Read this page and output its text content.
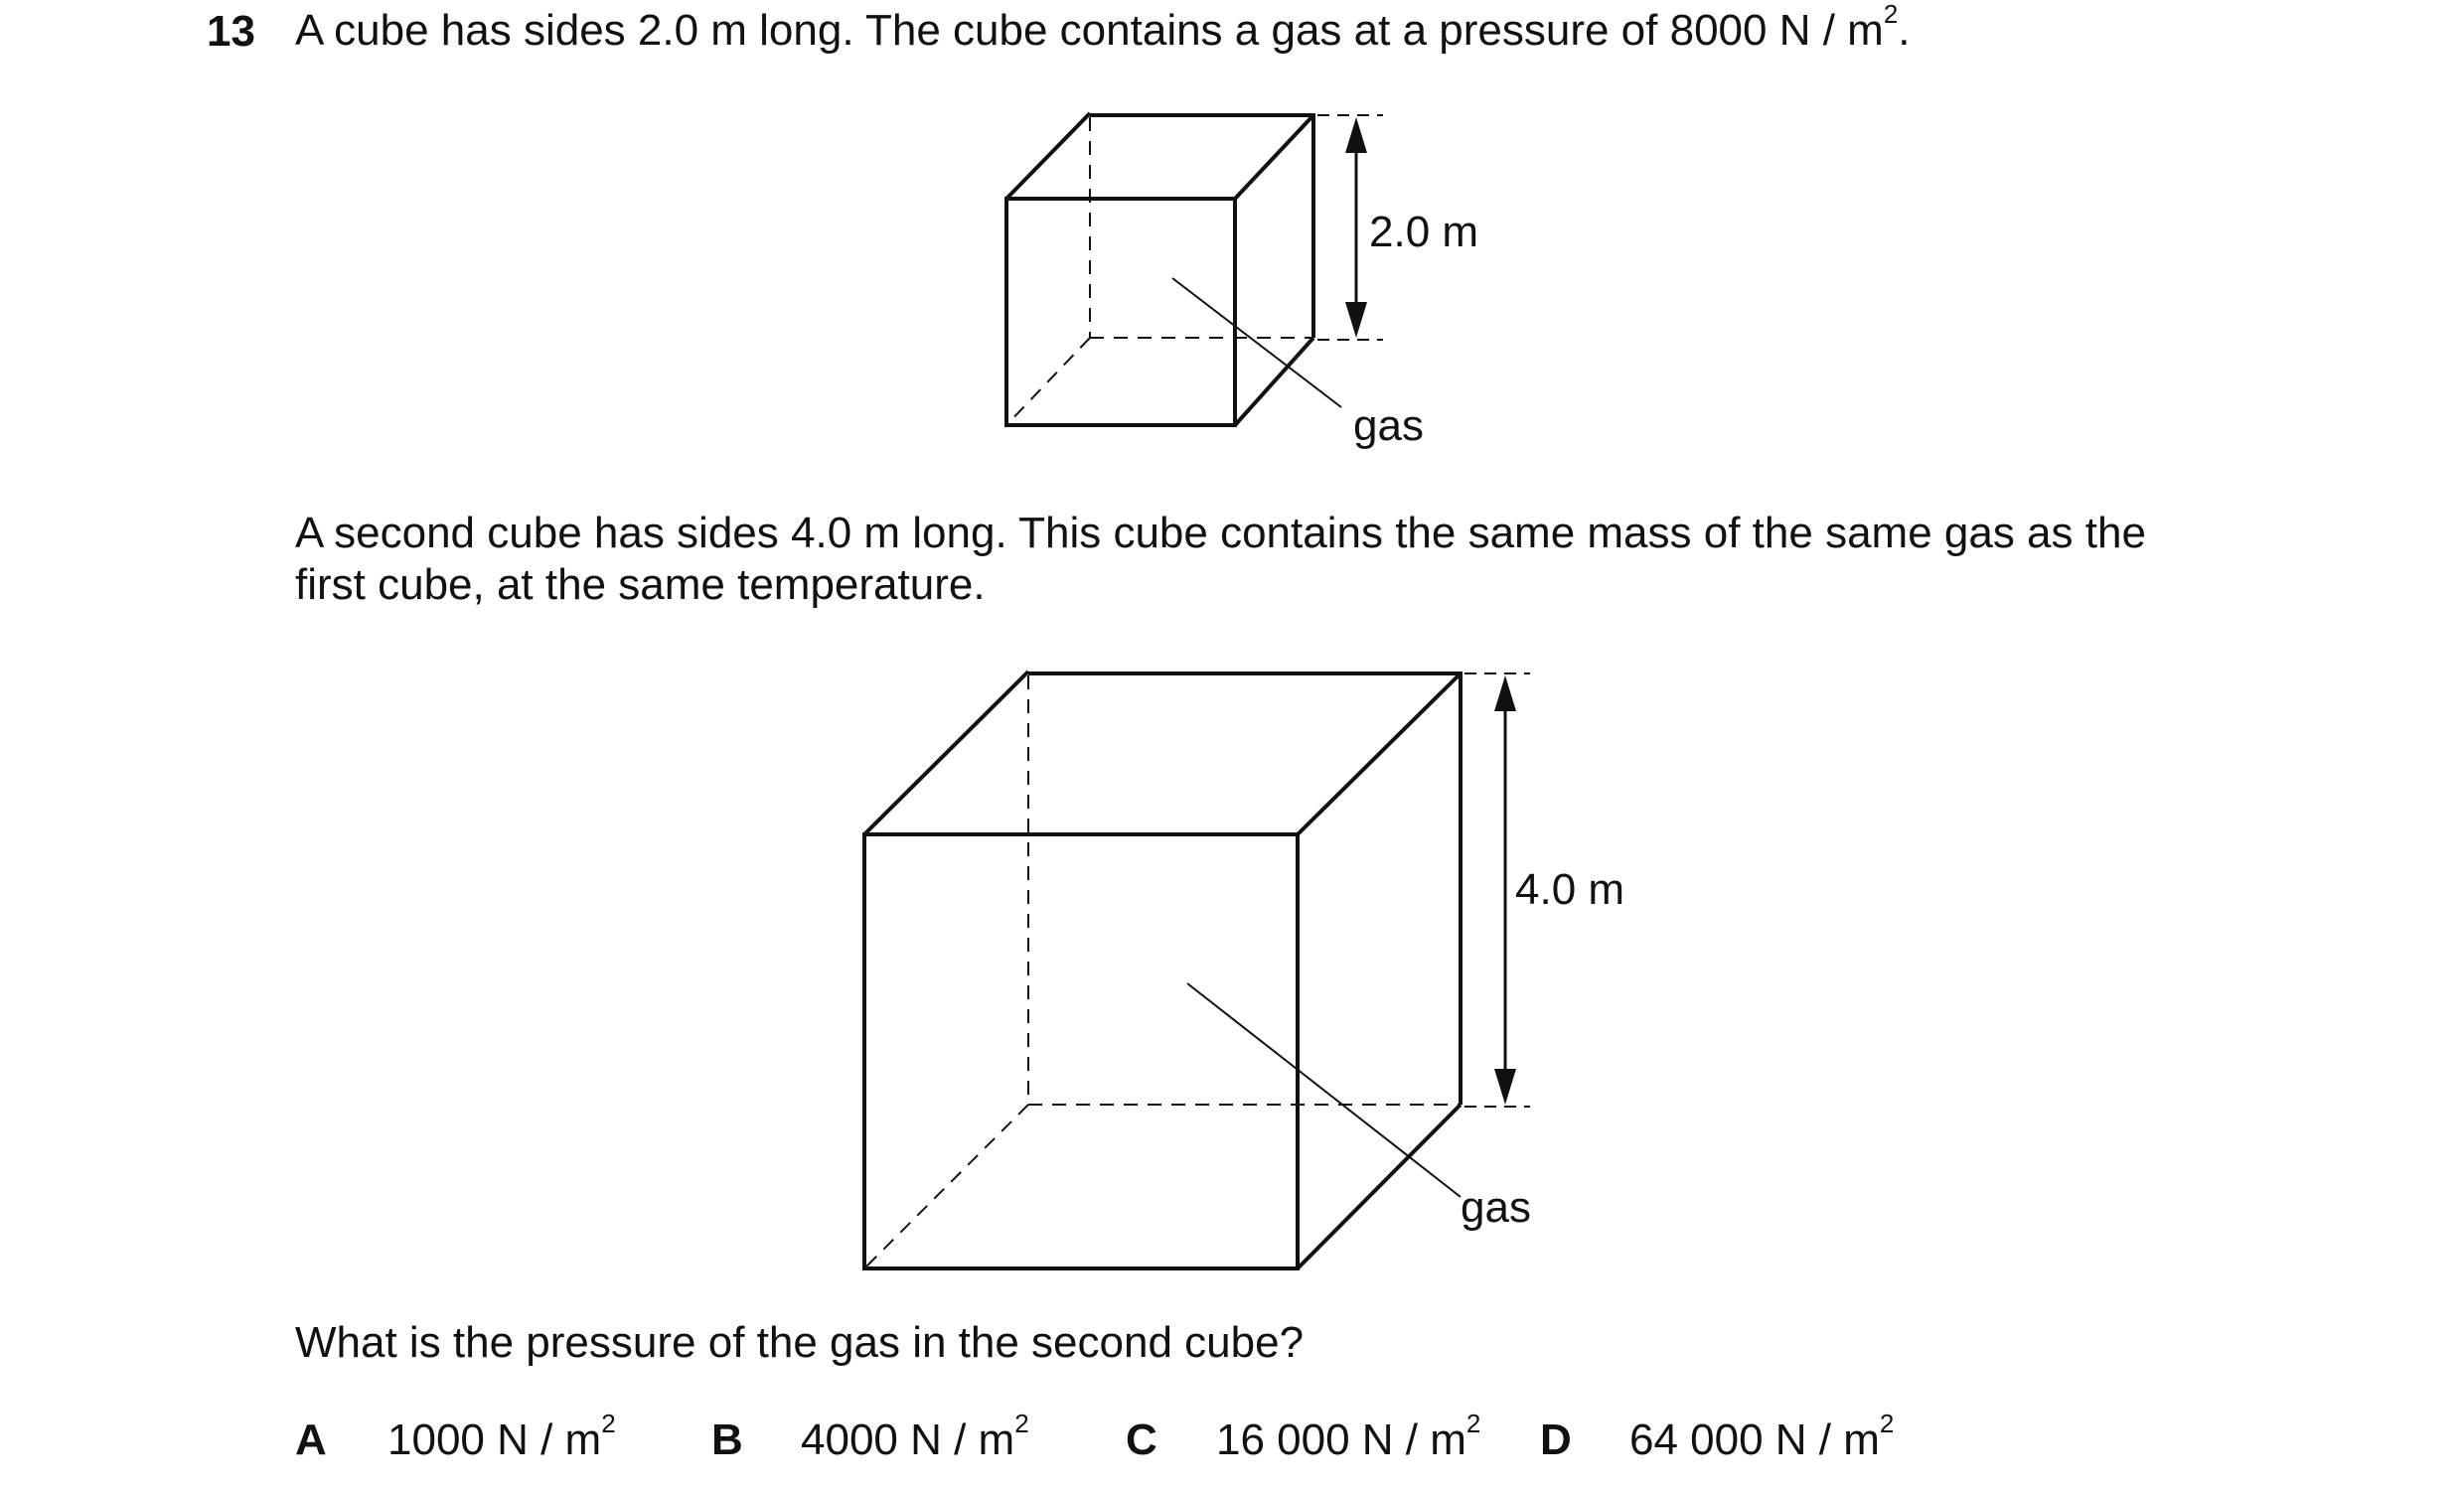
13 A cube has sides 2.0 m long. The cube contains a gas at a pressure of 8000 N / $m^2$.
2.0 m
gas
A second cube has sides 4.0 m long. This cube contains the same mass of the same gas as the
first cube, at the same temperature.
4.0 m
gas
What is the pressure of the gas in the second cube?
A 1000 N / $m^2$ B 4000 N / $m^2$ C 16 000 N / $m^2$ D 64 000 N / $m^2$
